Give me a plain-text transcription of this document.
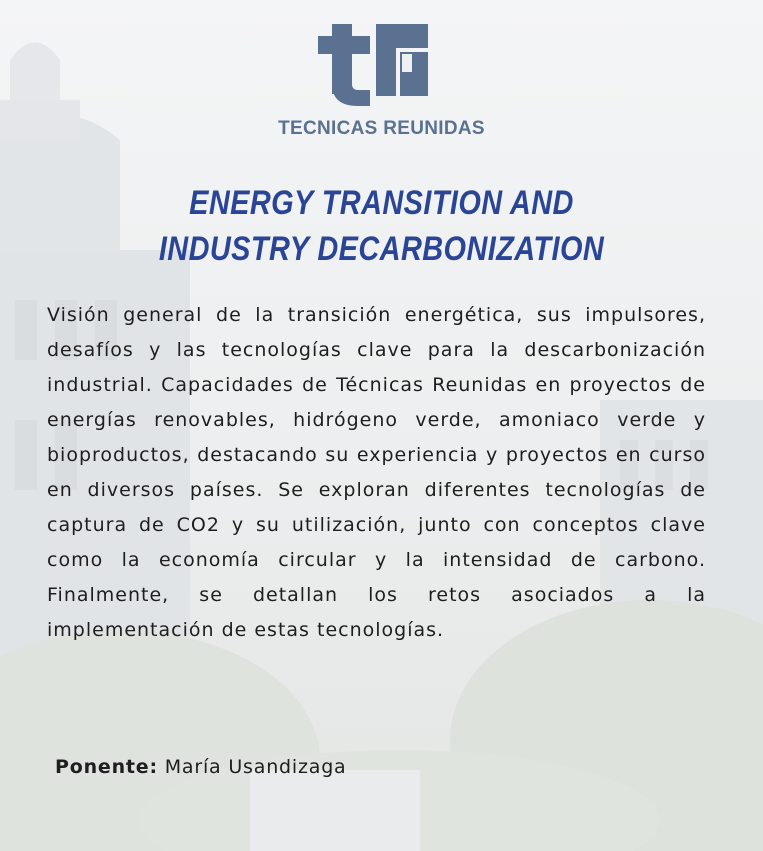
TECNICAS REUNIDAS
ENERGY TRANSITION AND
INDUSTRY DECARBONIZATION

Visión general de la transición energética, sus impulsores, desafíos y las tecnologías clave para la descarbonización industrial. Capacidades de Técnicas Reunidas en proyectos de energías renovables, hidrógeno verde, amoniaco verde y bioproductos, destacando su experiencia y proyectos en curso en diversos países. Se exploran diferentes tecnologías de captura de CO2 y su utilización, junto con conceptos clave como la economía circular y la intensidad de carbono. Finalmente, se detallan los retos asociados a la implementación de estas tecnologías.

Ponente: María Usandizaga
